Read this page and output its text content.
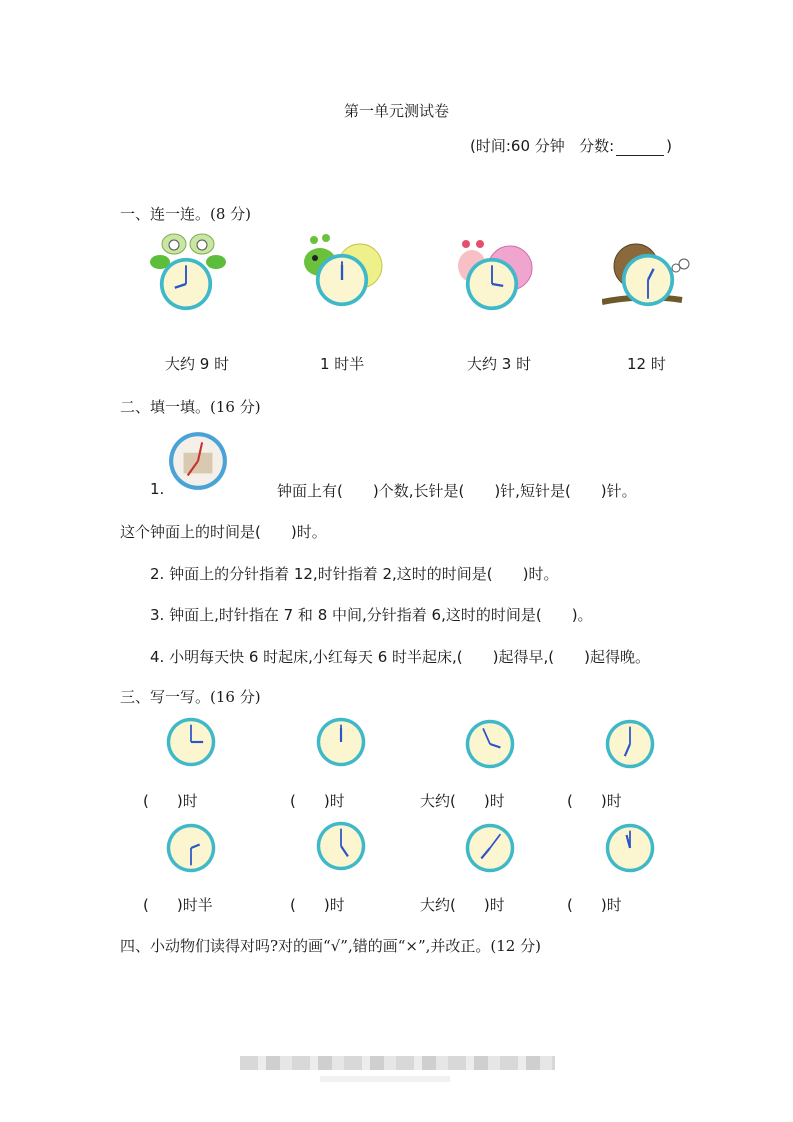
第一单元测试卷
(时间:60 分钟 分数:	)
一、连一连。(8 分)
大约 9 时	1 时半	大约 3 时	12 时
二、填一填。(16 分)
1.	钟面上有(　　)个数,长针是(　　)针,短针是(　　)针。
这个钟面上的时间是(　　)时。
2. 钟面上的分针指着 12,时针指着 2,这时的时间是(　　)时。
3. 钟面上,时针指在 7 和 8 中间,分针指着 6,这时的时间是(　　)。
4. 小明每天快 6 时起床,小红每天 6 时半起床,(　　)起得早,(　　)起得晚。
三、写一写。(16 分)
( )时	( )时	大约( )时	( )时
( )时半	( )时	大约( )时	( )时
四、小动物们读得对吗?对的画“√”,错的画“×”,并改正。(12 分)
